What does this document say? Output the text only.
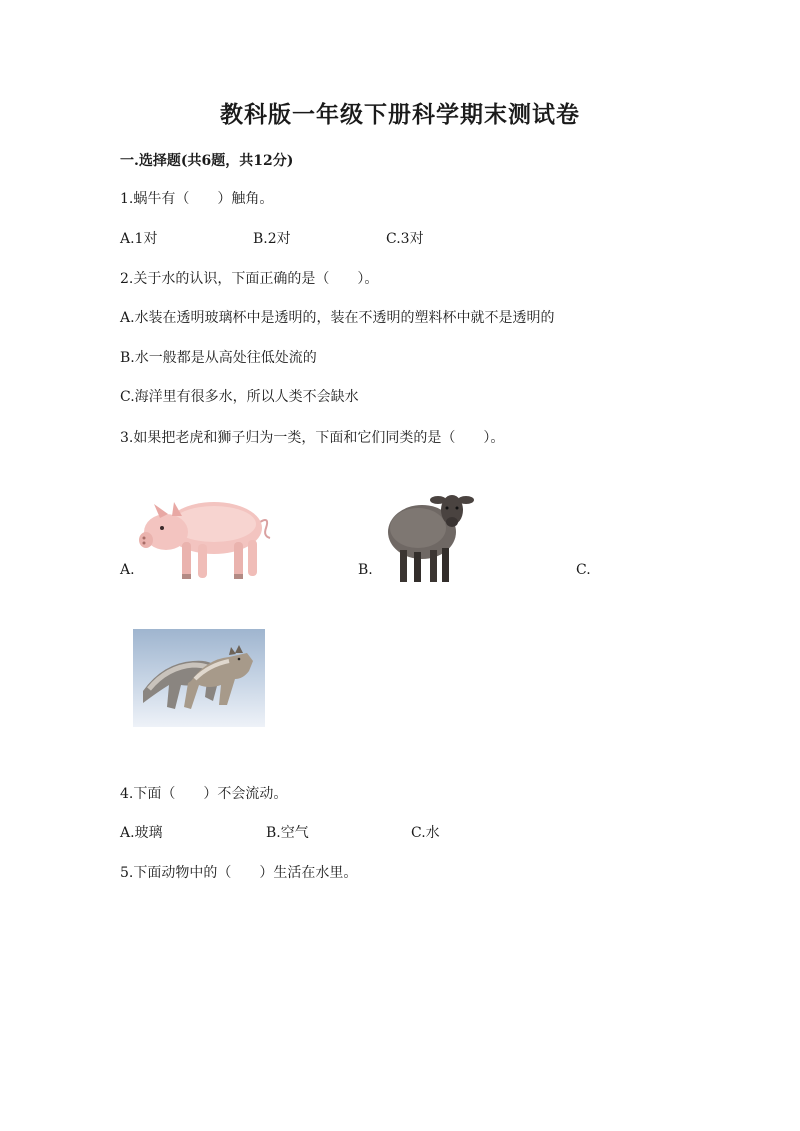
教科版一年级下册科学期末测试卷
一.选择题(共6题，共12分)
1.蜗牛有（　　）触角。
A.1对	B.2对	C.3对
2.关于水的认识，下面正确的是（　　）。
A.水装在透明玻璃杯中是透明的，装在不透明的塑料杯中就不是透明的
B.水一般都是从高处往低处流的
C.海洋里有很多水，所以人类不会缺水
3.如果把老虎和狮子归为一类，下面和它们同类的是（　　）。
A.	B.	C.
4.下面（　　）不会流动。
A.玻璃	B.空气	C.水
5.下面动物中的（　　）生活在水里。
